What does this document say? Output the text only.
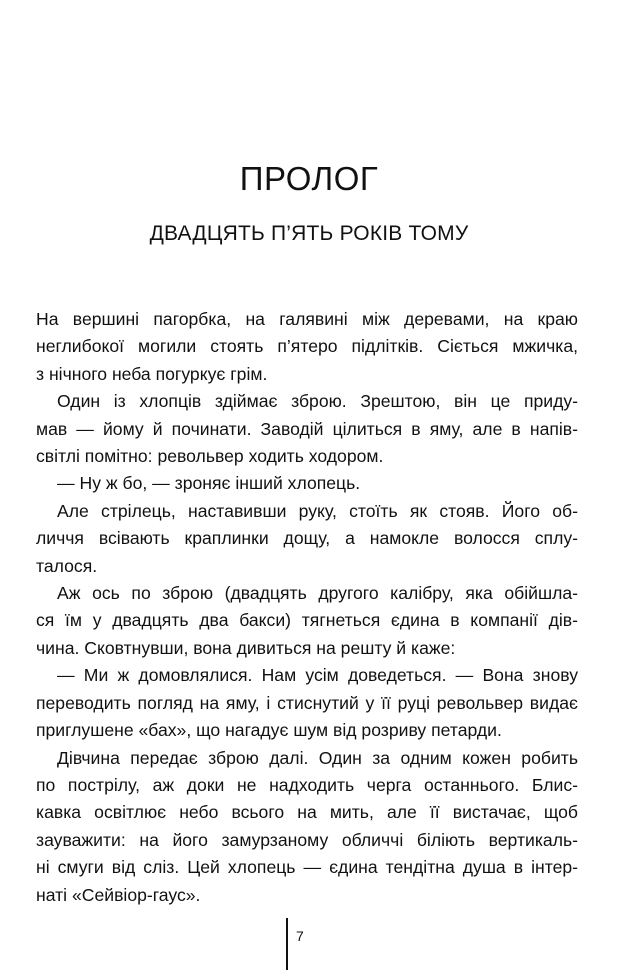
ПРОЛОГ
ДВАДЦЯТЬ П’ЯТЬ РОКІВ ТОМУ
На вершині пагорбка, на галявині між деревами, на краю
неглибокої могили стоять п’ятеро підлітків. Сіється мжичка,
з нічного неба погуркує грім.
Один із хлопців здіймає зброю. Зрештою, він це приду-
мав — йому й починати. Заводій цілиться в яму, але в напів-
світлі помітно: револьвер ходить ходором.
— Ну ж бо, — зроняє інший хлопець.
Але стрілець, наставивши руку, стоїть як стояв. Його об-
личчя всівають краплинки дощу, а намокле волосся сплу-
талося.
Аж ось по зброю (двадцять другого калібру, яка обійшла-
ся їм у двадцять два бакси) тягнеться єдина в компанії дів-
чина. Сковтнувши, вона дивиться на решту й каже:
— Ми ж домовлялися. Нам усім доведеться. — Вона знову
переводить погляд на яму, і стиснутий у її руці револьвер видає
приглушене «бах», що нагадує шум від розриву петарди.
Дівчина передає зброю далі. Один за одним кожен робить
по пострілу, аж доки не надходить черга останнього. Блис-
кавка освітлює небо всього на мить, але її вистачає, щоб
зауважити: на його замурзаному обличчі біліють вертикаль-
ні смуги від сліз. Цей хлопець — єдина тендітна душа в інтер-
наті «Сейвіор-гаус».
7
